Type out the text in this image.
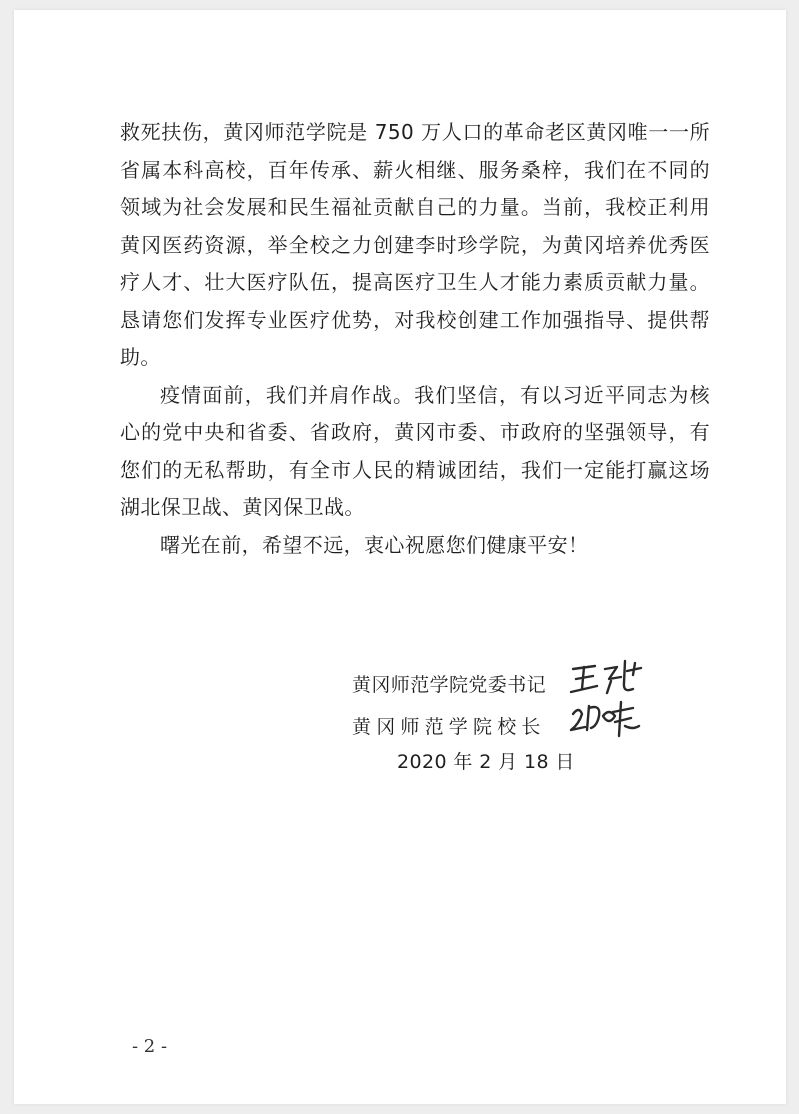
救死扶伤，黄冈师范学院是 750 万人口的革命老区黄冈唯一一所省属本科高校，百年传承、薪火相继、服务桑梓，我们在不同的领域为社会发展和民生福祉贡献自己的力量。当前，我校正利用黄冈医药资源，举全校之力创建李时珍学院，为黄冈培养优秀医疗人才、壮大医疗队伍，提高医疗卫生人才能力素质贡献力量。恳请您们发挥专业医疗优势，对我校创建工作加强指导、提供帮助。

疫情面前，我们并肩作战。我们坚信，有以习近平同志为核心的党中央和省委、省政府，黄冈市委、市政府的坚强领导，有您们的无私帮助，有全市人民的精诚团结，我们一定能打赢这场湖北保卫战、黄冈保卫战。

曙光在前，希望不远，衷心祝愿您们健康平安！

黄冈师范学院党委书记
黄冈师范学院校长
2020 年 2 月 18 日
- 2 -
